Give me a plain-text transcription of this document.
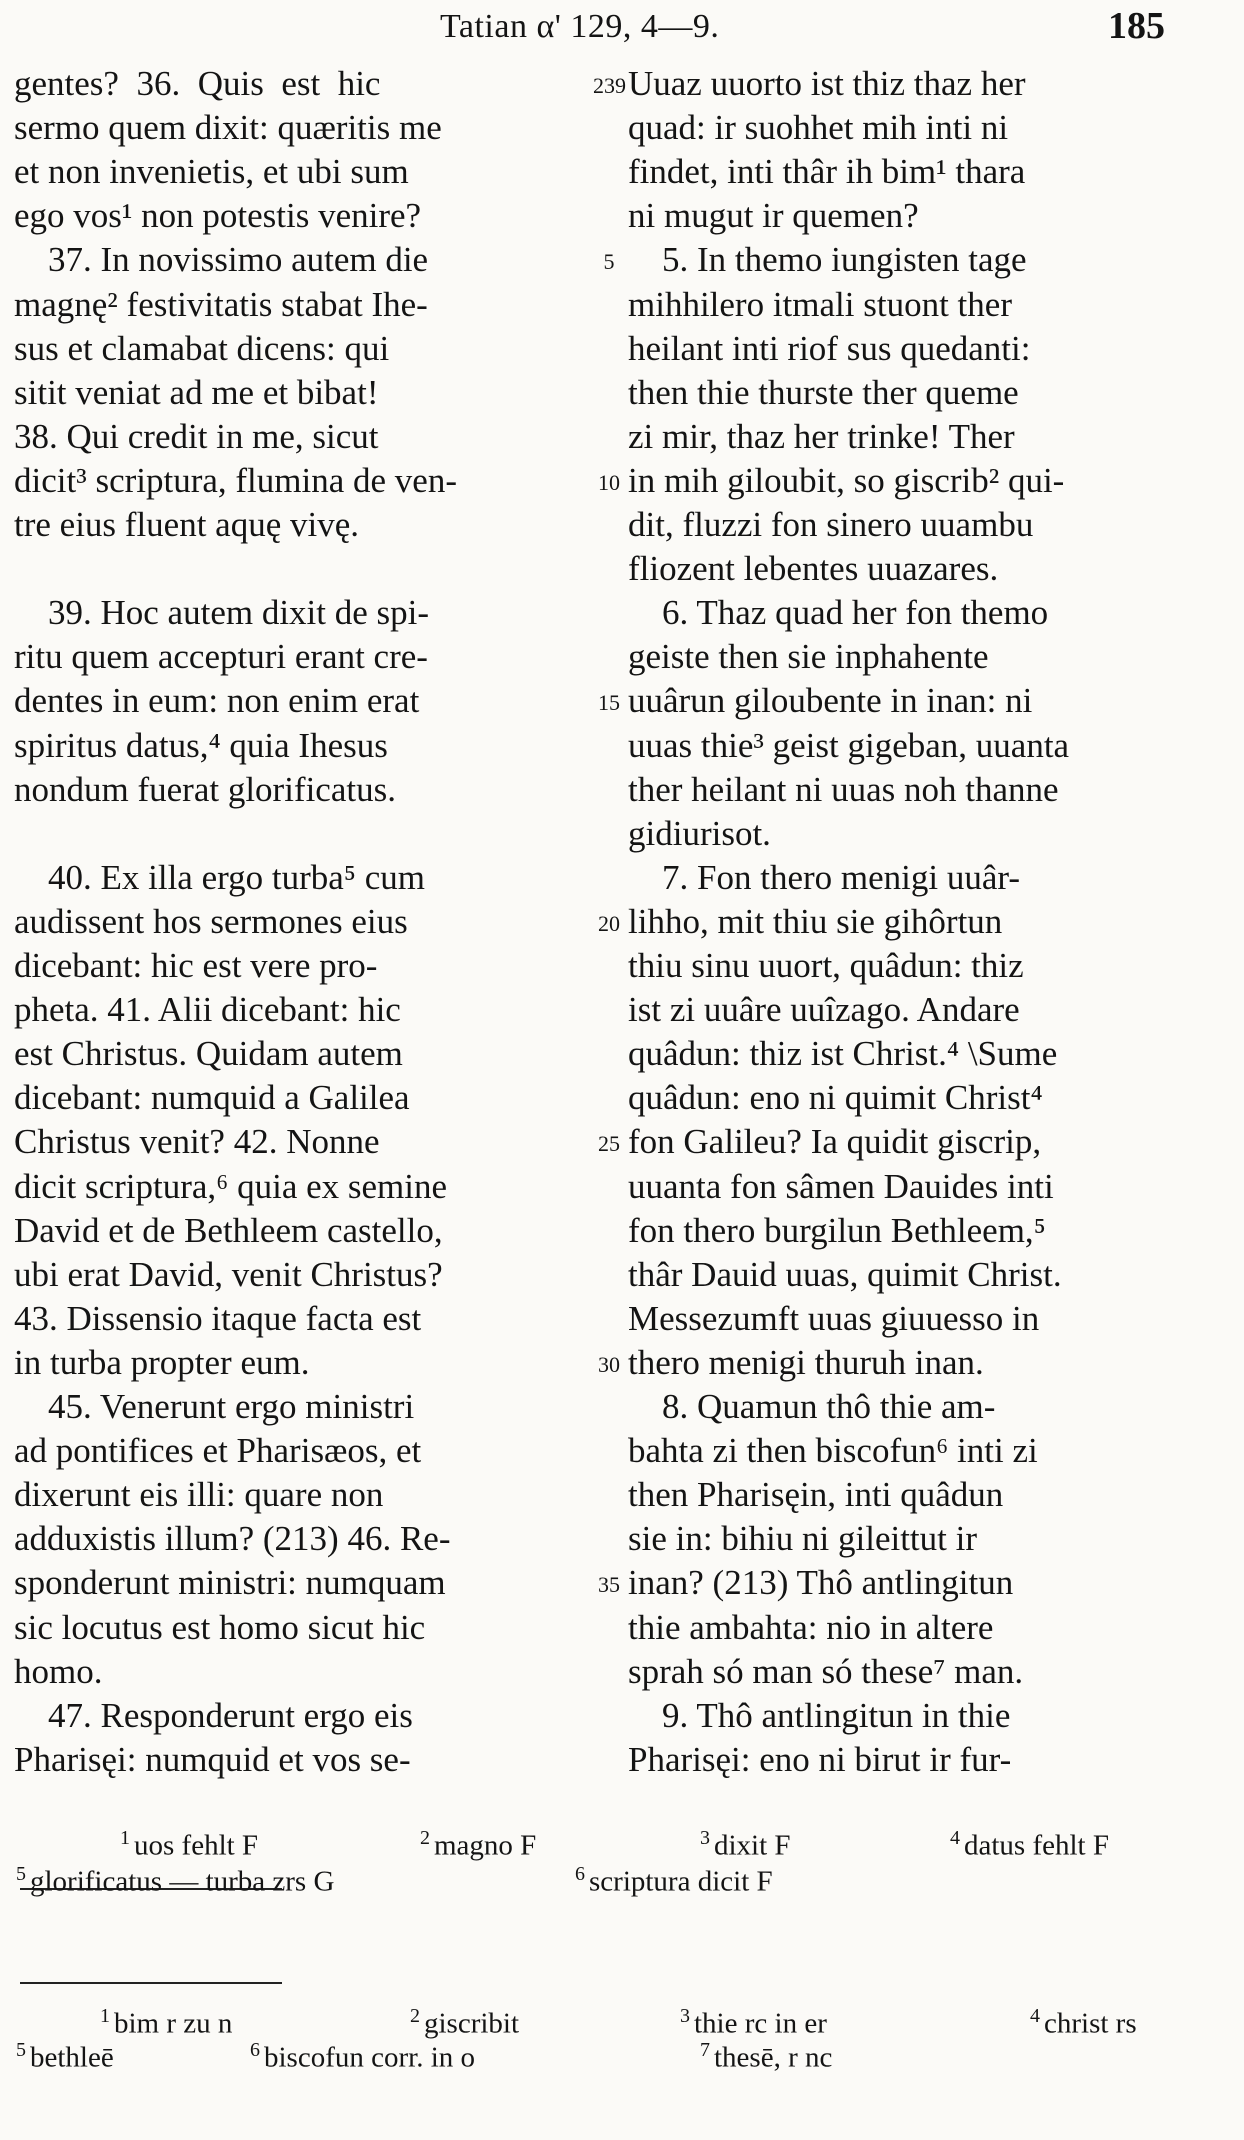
Tatian α' 129, 4—9.	185
gentes?  36.  Quis  est  hic
sermo quem dixit: quæritis me
et non invenietis, et ubi sum
ego vos¹ non potestis venire?
37. In novissimo autem die
magnę² festivitatis stabat Ihe-
sus et clamabat dicens: qui
sitit veniat ad me et bibat!
38. Qui credit in me, sicut
dicit³ scriptura, flumina de ven-
tre eius fluent aquę vivę.
39. Hoc autem dixit de spi-
ritu quem accepturi erant cre-
dentes in eum: non enim erat
spiritus datus,⁴ quia Ihesus
nondum fuerat glorificatus.
40. Ex illa ergo turba⁵ cum
audissent hos sermones eius
dicebant: hic est vere pro-
pheta. 41. Alii dicebant: hic
est Christus. Quidam autem
dicebant: numquid a Galilea
Christus venit? 42. Nonne
dicit scriptura,⁶ quia ex semine
David et de Bethleem castello,
ubi erat David, venit Christus?
43. Dissensio itaque facta est
in turba propter eum.
45. Venerunt ergo ministri
ad pontifices et Pharisæos, et
dixerunt eis illi: quare non
adduxistis illum? (213) 46. Re-
sponderunt ministri: numquam
sic locutus est homo sicut hic
homo.
47. Responderunt ergo eis
Pharisęi: numquid et vos se-
Uuaz uuorto ist thiz thaz her
quad: ir suohhet mih inti ni
findet, inti thâr ih bim¹ thara
ni mugut ir quemen?
5. In themo iungisten tage
mihhilero itmali stuont ther
heilant inti riof sus quedanti:
then thie thurste ther queme
zi mir, thaz her trinke! Ther
in mih giloubit, so giscrib² qui-
dit, fluzzi fon sinero uuambu
fliozent lebentes uuazares.
6. Thaz quad her fon themo
geiste then sie inphahente
uuârun giloubente in inan: ni
uuas thie³ geist gigeban, uuanta
ther heilant ni uuas noh thanne
gidiurisot.
7. Fon thero menigi uuâr-
lihho, mit thiu sie gihôrtun
thiu sinu uuort, quâdun: thiz
ist zi uuâre uuîzago. Andare
quâdun: thiz ist Christ.⁴ \Sume
quâdun: eno ni quimit Christ⁴
fon Galileu? Ia quidit giscrip,
uuanta fon sâmen Dauides inti
fon thero burgilun Bethleem,⁵
thâr Dauid uuas, quimit Christ.
Messezumft uuas giuuesso in
thero menigi thuruh inan.
8. Quamun thô thie am-
bahta zi then biscofun⁶ inti zi
then Pharisęin, inti quâdun
sie in: bihiu ni gileittut ir
inan? (213) Thô antlingitun
thie ambahta: nio in altere
sprah só man só these⁷ man.
9. Thô antlingitun in thie
Pharisęi: eno ni birut ir fur-
239
5
10
15
20
25
30
35
$^1$ uos fehlt F	$^2$ magno F	$^3$ dixit F	$^4$ datus fehlt F
$^5$ glorificatus — turba zrs G	$^6$ scriptura dicit F
$^1$ bim r zu n	$^2$ giscribit	$^3$ thie rc in er	$^4$ christ rs
$^5$ bethleē	$^6$ biscofun corr. in o	$^7$ thesē, r nc
